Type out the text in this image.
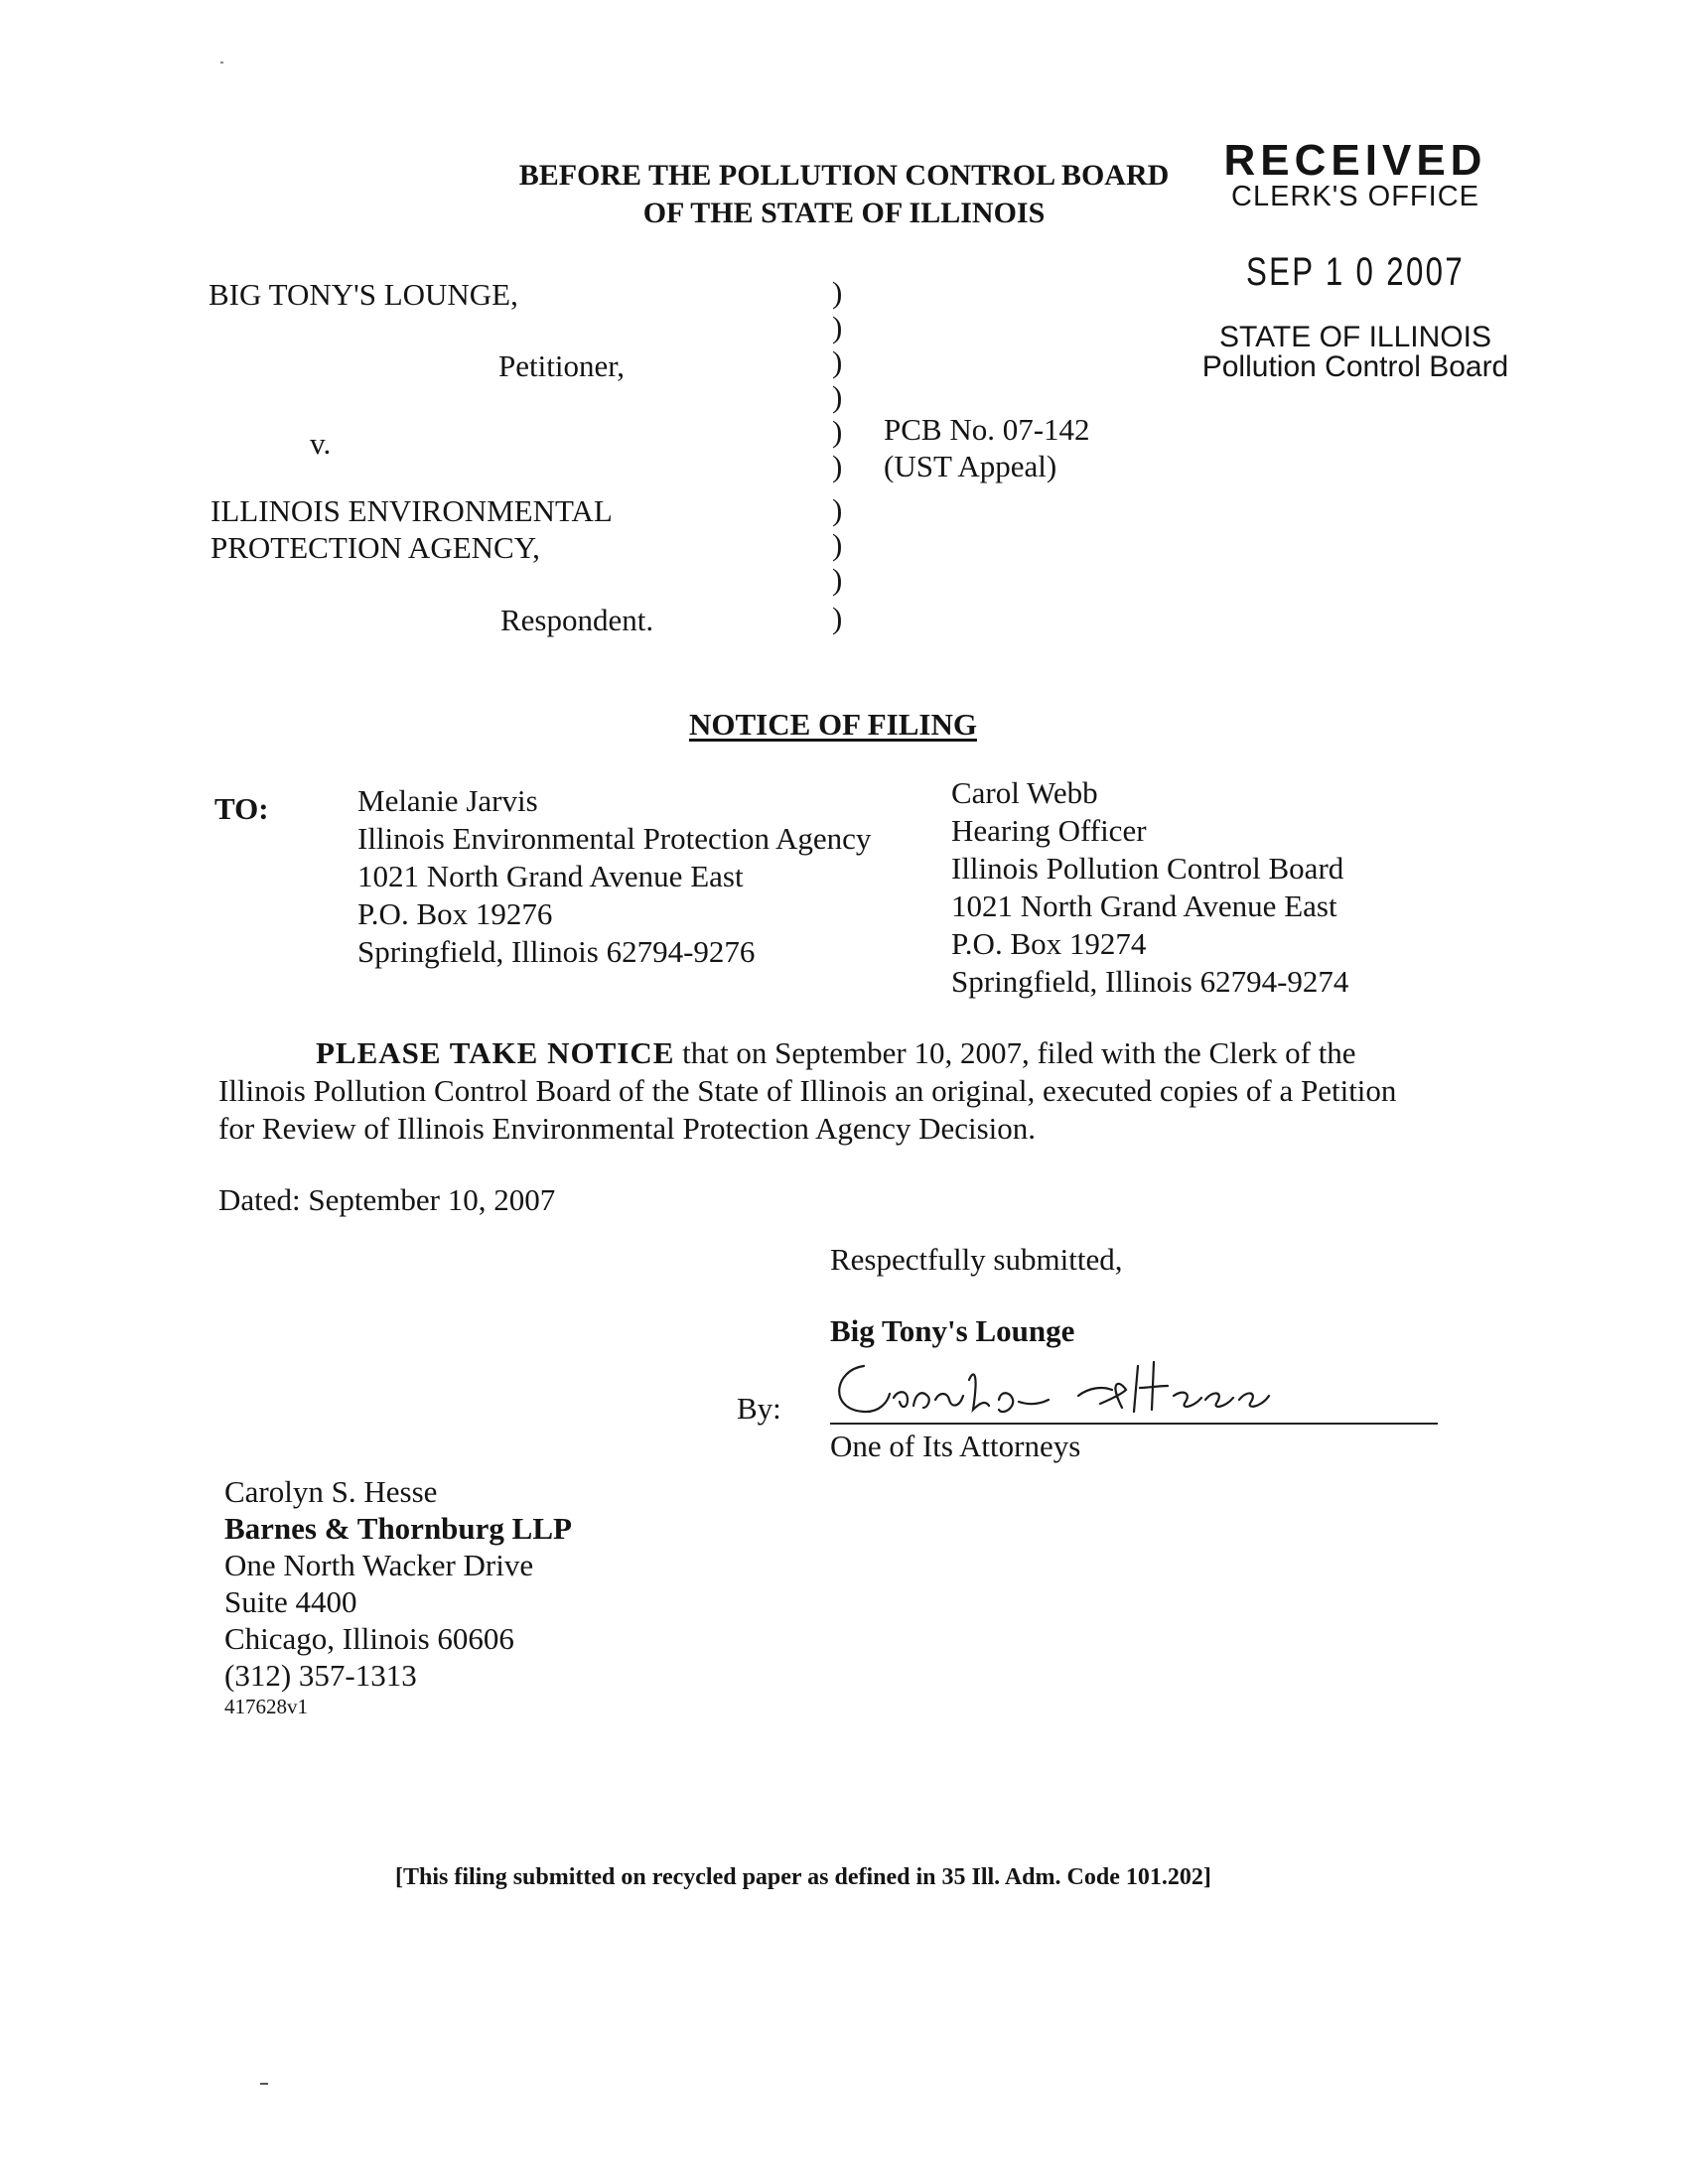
BEFORE THE POLLUTION CONTROL BOARD
OF THE STATE OF ILLINOIS
RECEIVED
CLERK'S OFFICE
SEP 1 0 2007
STATE OF ILLINOIS
Pollution Control Board
BIG TONY'S LOUNGE,
Petitioner,
v.
ILLINOIS ENVIRONMENTAL
PROTECTION AGENCY,
Respondent.
)
)
)
)
)
)
)
)
)
)
PCB No. 07-142
(UST Appeal)
NOTICE OF FILING
TO:	Melanie Jarvis
Illinois Environmental Protection Agency
1021 North Grand Avenue East
P.O. Box 19276
Springfield, Illinois 62794-9276
Carol Webb
Hearing Officer
Illinois Pollution Control Board
1021 North Grand Avenue East
P.O. Box 19274
Springfield, Illinois 62794-9274
PLEASE TAKE NOTICE that on September 10, 2007, filed with the Clerk of the
Illinois Pollution Control Board of the State of Illinois an original, executed copies of a Petition
for Review of Illinois Environmental Protection Agency Decision.
Dated: September 10, 2007
Respectfully submitted,
Big Tony's Lounge
By:
One of Its Attorneys
Carolyn S. Hesse
Barnes & Thornburg LLP
One North Wacker Drive
Suite 4400
Chicago, Illinois 60606
(312) 357-1313
417628v1
[This filing submitted on recycled paper as defined in 35 Ill. Adm. Code 101.202]
